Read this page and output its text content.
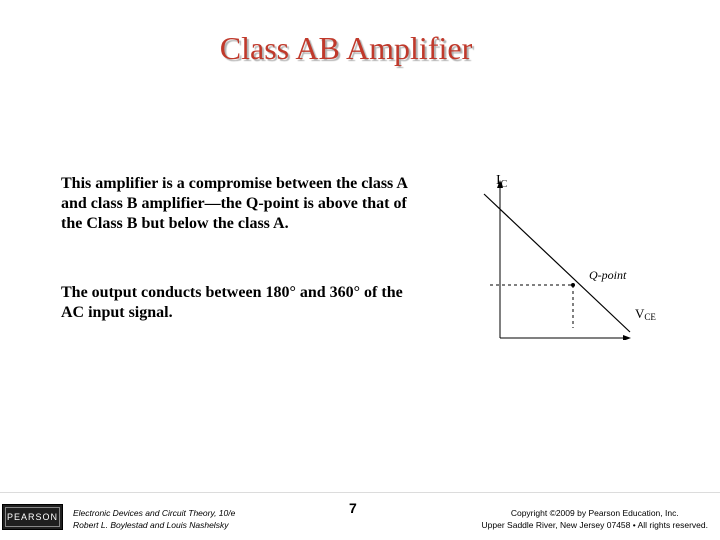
Class AB Amplifier
This amplifier is a compromise between the class A and class B amplifier—the Q-point is above that of the Class B but below the class A.
The output conducts between 180° and 360° of the AC input signal.
$I_C$
Q-point
VCE
PEARSON	Electronic Devices and Circuit Theory, 10/e
Robert L. Boylestad and Louis Nashelsky
7	Copyright ©2009 by Pearson Education, Inc.
Upper Saddle River, New Jersey 07458 • All rights reserved.
